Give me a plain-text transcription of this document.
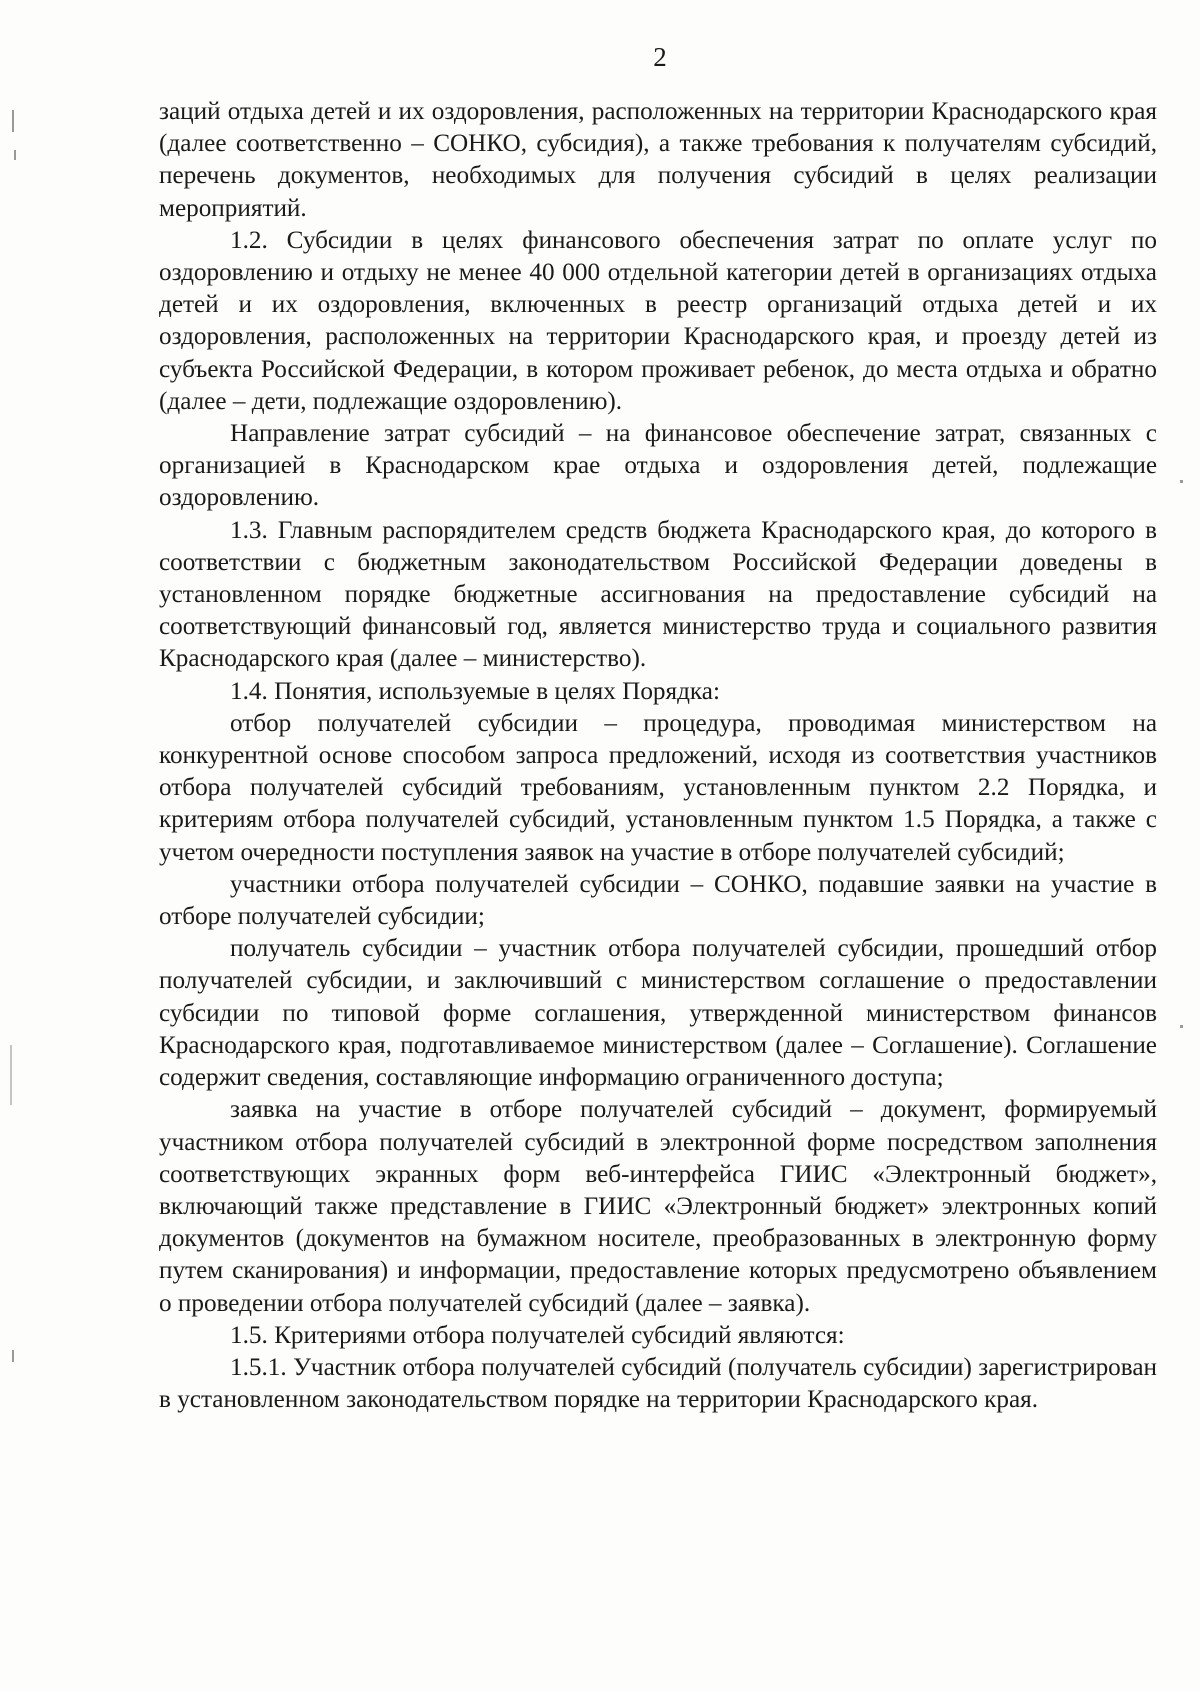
2

заций отдыха детей и их оздоровления, расположенных на территории Краснодарского края (далее соответственно – СОНКО, субсидия), а также требования к получателям субсидий, перечень документов, необходимых для получения субсидий в целях реализации мероприятий.

1.2. Субсидии в целях финансового обеспечения затрат по оплате услуг по оздоровлению и отдыху не менее 40 000 отдельной категории детей в организациях отдыха детей и их оздоровления, включенных в реестр организаций отдыха детей и их оздоровления, расположенных на территории Краснодарского края, и проезду детей из субъекта Российской Федерации, в котором проживает ребенок, до места отдыха и обратно (далее – дети, подлежащие оздоровлению).

Направление затрат субсидий – на финансовое обеспечение затрат, связанных с организацией в Краснодарском крае отдыха и оздоровления детей, подлежащие оздоровлению.

1.3. Главным распорядителем средств бюджета Краснодарского края, до которого в соответствии с бюджетным законодательством Российской Федерации доведены в установленном порядке бюджетные ассигнования на предоставление субсидий на соответствующий финансовый год, является министерство труда и социального развития Краснодарского края (далее – министерство).

1.4. Понятия, используемые в целях Порядка:

отбор получателей субсидии – процедура, проводимая министерством на конкурентной основе способом запроса предложений, исходя из соответствия участников отбора получателей субсидий требованиям, установленным пунктом 2.2 Порядка, и критериям отбора получателей субсидий, установленным пунктом 1.5 Порядка, а также с учетом очередности поступления заявок на участие в отборе получателей субсидий;

участники отбора получателей субсидии – СОНКО, подавшие заявки на участие в отборе получателей субсидии;

получатель субсидии – участник отбора получателей субсидии, прошедший отбор получателей субсидии, и заключивший с министерством соглашение о предоставлении субсидии по типовой форме соглашения, утвержденной министерством финансов Краснодарского края, подготавливаемое министерством (далее – Соглашение). Соглашение содержит сведения, составляющие информацию ограниченного доступа;

заявка на участие в отборе получателей субсидий – документ, формируемый участником отбора получателей субсидий в электронной форме посредством заполнения соответствующих экранных форм веб-интерфейса ГИИС «Электронный бюджет», включающий также представление в ГИИС «Электронный бюджет» электронных копий документов (документов на бумажном носителе, преобразованных в электронную форму путем сканирования) и информации, предоставление которых предусмотрено объявлением о проведении отбора получателей субсидий (далее – заявка).

1.5. Критериями отбора получателей субсидий являются:

1.5.1. Участник отбора получателей субсидий (получатель субсидии) зарегистрирован в установленном законодательством порядке на территории Краснодарского края.
